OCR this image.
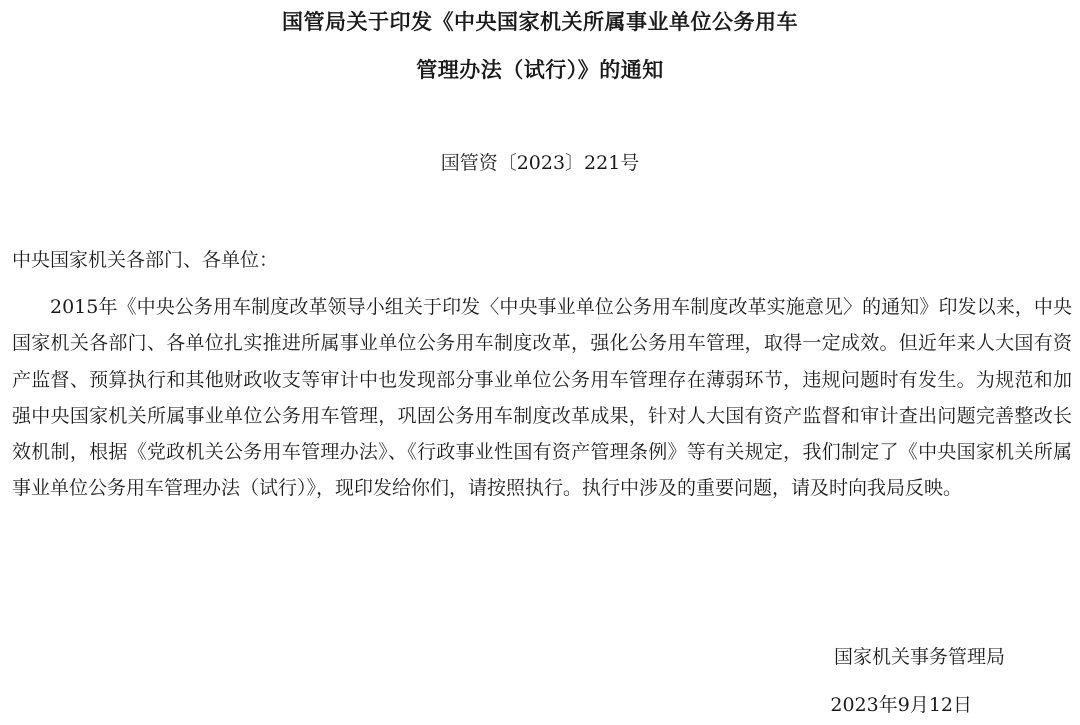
国管局关于印发《中央国家机关所属事业单位公务用车
管理办法（试行）》的通知
国管资〔2023〕221号
中央国家机关各部门、各单位：

2015年《中央公务用车制度改革领导小组关于印发〈中央事业单位公务用车制度改革实施意见〉的通知》印发以来，中央国家机关各部门、各单位扎实推进所属事业单位公务用车制度改革，强化公务用车管理，取得一定成效。但近年来人大国有资产监督、预算执行和其他财政收支等审计中也发现部分事业单位公务用车管理存在薄弱环节，违规问题时有发生。为规范和加强中央国家机关所属事业单位公务用车管理，巩固公务用车制度改革成果，针对人大国有资产监督和审计查出问题完善整改长效机制，根据《党政机关公务用车管理办法》、《行政事业性国有资产管理条例》等有关规定，我们制定了《中央国家机关所属事业单位公务用车管理办法（试行）》，现印发给你们，请按照执行。执行中涉及的重要问题，请及时向我局反映。

国家机关事务管理局
2023年9月12日
